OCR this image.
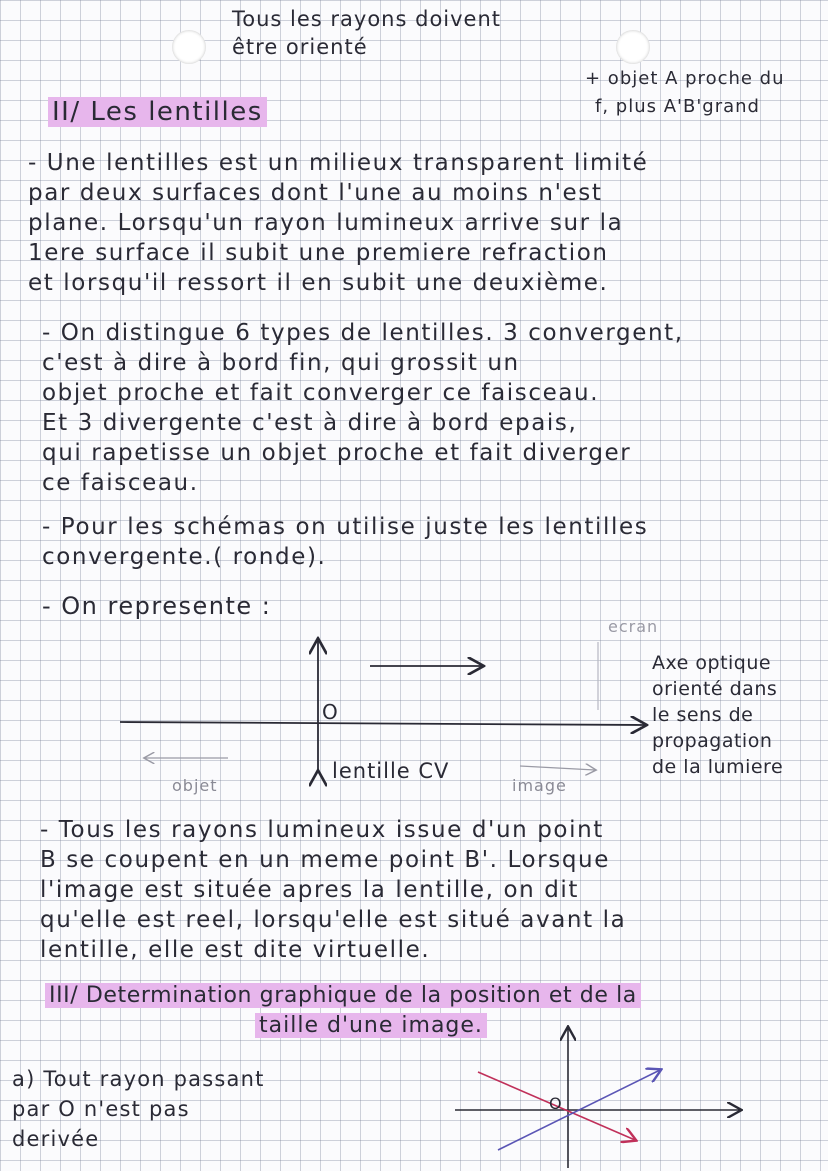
Tous les rayons doivent
être orienté
+ objet A proche du
f, plus A'B'grand
II/ Les lentilles
- Une lentilles est un milieux transparent limité
par deux surfaces dont l'une au moins n'est
plane. Lorsqu'un rayon lumineux arrive sur la
1ere surface il subit une premiere refraction
et lorsqu'il ressort il en subit une deuxième.
- On distingue 6 types de lentilles. 3 convergent,
c'est à dire à bord fin, qui grossit un
objet proche et fait converger ce faisceau.
Et 3 divergente c'est à dire à bord epais,
qui rapetisse un objet proche et fait diverger
ce faisceau.
- Pour les schémas on utilise juste les lentilles
convergente.( ronde).
- On represente :
O
lentille CV
objet	image
ecran
Axe optique
orienté dans
le sens de
propagation
de la lumiere
- Tous les rayons lumineux issue d'un point
B se coupent en un meme point B'. Lorsque
l'image est située apres la lentille, on dit
qu'elle est reel, lorsqu'elle est situé avant la
lentille, elle est dite virtuelle.
III/ Determination graphique de la position et de la
taille d'une image.
a) Tout rayon passant
par O n'est pas
derivée
O
